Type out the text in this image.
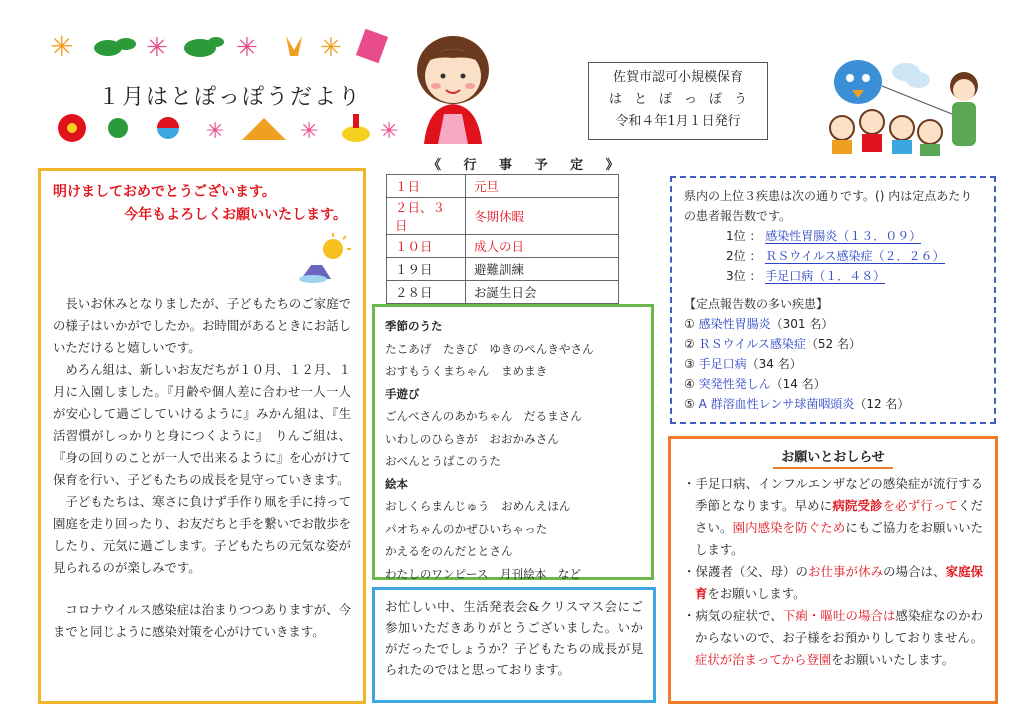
✳	✳	✳ ✳
１月はとぽっぽうだより
✳	✳	✳
佐賀市認可小規模保育
はとぽっぽう
令和４年1月１日発行
明けましておめでとうございます。
今年もよろしくお願いいたします。

長いお休みとなりましたが、子どもたちのご家庭での様子はいかがでしたか。お時間があるときにお話しいただけると嬉しいです。

めろん組は、新しいお友だちが１０月、１２月、１月に入園しました。『月齢や個人差に合わせ一人一人が安心して過ごしていけるように』みかん組は、『生活習慣がしっかりと身につくように』　りんご組は、『身の回りのことが一人で出来るように』を心がけて保育を行い、子どもたちの成長を見守っていきます。

子どもたちは、寒さに負けず手作り凧を手に持って園庭を走り回ったり、お友だちと手を繋いでお散歩をしたり、元気に過ごします。子どもたちの元気な姿が見られるのが楽しみです。

コロナウイルス感染症は治まりつつありますが、今までと同じように感染対策を心がけていきます。

《 行 事 予 定 》
１日	元旦
２日、３日	冬期休暇
１０日	成人の日
１９日	避難訓練
２８日	お誕生日会
季節のうた
たこあげ　たきび　ゆきのぺんきやさん
おすもうくまちゃん　まめまき
手遊び
ごんべさんのあかちゃん　だるまさん
いわしのひらきが　おおかみさん
おべんとうばこのうた
絵本
おしくらまんじゅう　おめんえほん
パオちゃんのかぜひいちゃった
かえるをのんだととさん
わたしのワンピース　月刊絵本　など
お忙しい中、生活発表会&クリスマス会にご参加いただきありがとうございました。いかがだったでしょうか？子どもたちの成長が見られたのではと思っております。
県内の上位３疾患は次の通りです。() 内は定点あたりの患者報告数です。
1位 ： 感染性胃腸炎（１３．０９）
2位 ： ＲＳウイルス感染症（２．２６）
3位 ： 手足口病（１．４８）
【定点報告数の多い疾患】
① 感染性胃腸炎（301 名）
② ＲＳウイルス感染症（52 名）
③ 手足口病（34 名）
④ 突発性発しん（14 名）
⑤ A 群溶血性レンサ球菌咽頭炎（12 名）
お願いとおしらせ

・手足口病、インフルエンザなどの感染症が流行する季節となります。早めに病院受診を必ず行ってください。園内感染を防ぐためにもご協力をお願いいたします。

・保護者（父、母）のお仕事が休みの場合は、家庭保育をお願いします。

・病気の症状で、下痢・嘔吐の場合は感染症なのかわからないので、お子様をお預かりしておりません。症状が治まってから登園をお願いいたします。
